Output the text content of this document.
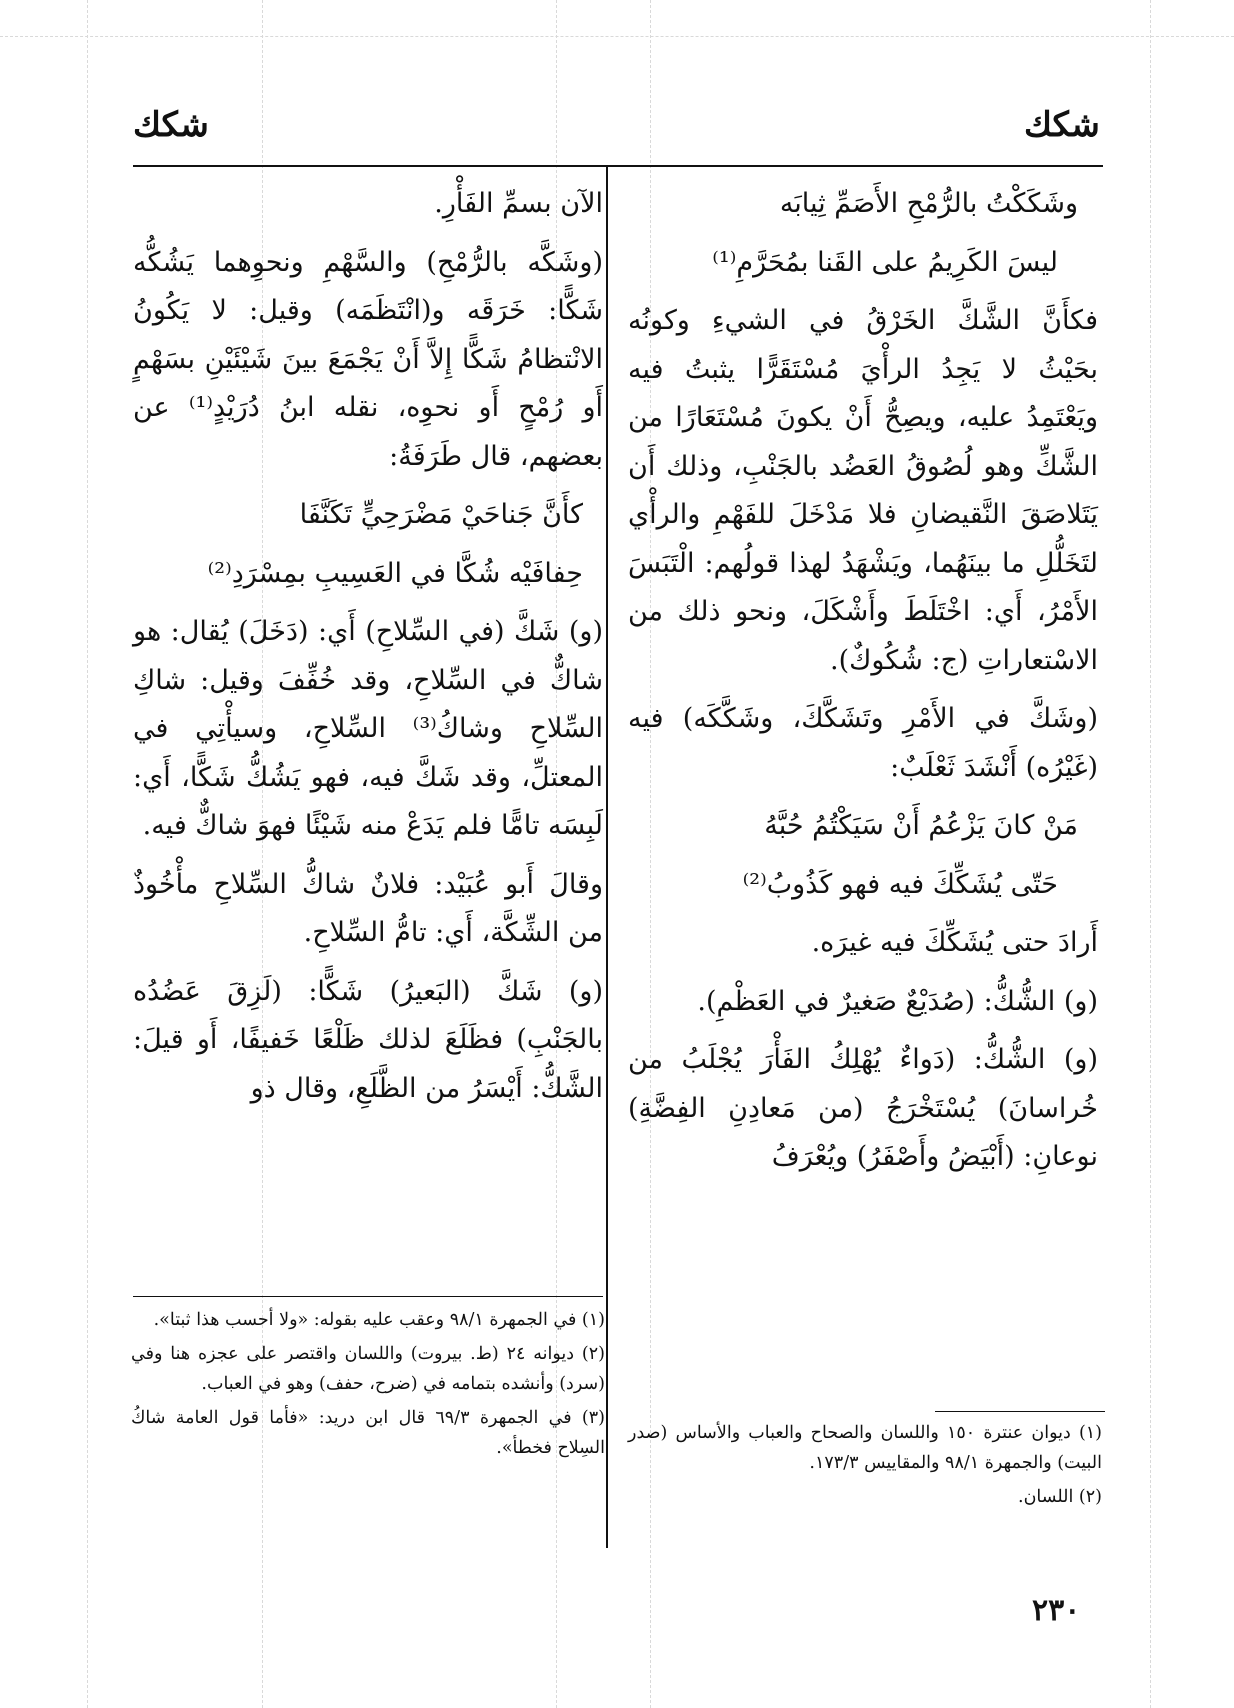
شكك	شكك

وشَكَكْتُ بالرُّمْحِ الأَصَمِّ ثِيابَه

ليسَ الكَرِيمُ على القَنا بمُحَرَّمِ⁽¹⁾

فكأَنَّ الشَّكَّ الخَرْقُ في الشيءِ وكونُه بحَيْثُ لا يَجِدُ الرأْيَ مُسْتَقَرًّا يثبتُ فيه ويَعْتَمِدُ عليه، ويصِحُّ أَنْ يكونَ مُسْتَعَارًا من الشَّكِّ وهو لُصُوقُ العَضُد بالجَنْبِ، وذلك أَن يَتَلاصَقَ النَّقيضانِ فلا مَدْخَلَ للفَهْمِ والرأْي لتَخَلُّلِ ما بينَهُما، ويَشْهَدُ لهذا قولُهم: الْتَبَسَ الأَمْرُ، أَي: اخْتَلَطَ وأَشْكَلَ، ونحو ذلك من الاسْتعاراتِ (ج: شُكُوكٌ).

(وشَكَّ في الأَمْرِ وتَشَكَّكَ، وشَكَّكَه) فيه (غَيْرُه) أَنْشَدَ ثَعْلَبٌ:

مَنْ كانَ يَزْعُمُ أَنْ سَيَكْتُمُ حُبَّهُ

حَتّى يُشَكِّكَ فيه فهو كَذُوبُ⁽²⁾

أَرادَ حتى يُشَكِّكَ فيه غيرَه.

(و) الشُّكُّ: (صُدَيْعٌ صَغيرٌ في العَظْمِ).

(و) الشُّكُّ: (دَواءٌ يُهْلِكُ الفَأْرَ يُجْلَبُ من خُراسانَ) يُسْتَخْرَجُ (من مَعادِنِ الفِضَّةِ) نوعانِ: (أَبْيَضُ وأَصْفَرُ) ويُعْرَفُ

الآن بسمِّ الفَأْرِ.

(وشَكَّه بالرُّمْحِ) والسَّهْمِ ونحوِهما يَشُكُّه شَكًّا: خَرَقَه و(انْتَظَمَه) وقيل: لا يَكُونُ الانْتظامُ شَكًّا إِلاَّ أَنْ يَجْمَعَ بينَ شَيْئَيْنِ بسَهْمٍ أَو رُمْحٍ أَو نحوِه، نقله ابنُ دُرَيْدٍ⁽¹⁾ عن بعضهم، قال طَرَفَةُ:

كأَنَّ جَناحَيْ مَضْرَحِيٍّ تَكَنَّفَا

حِفافَيْه شُكَّا في العَسِيبِ بمِسْرَدِ⁽²⁾

(و) شَكَّ (في السِّلاحِ) أَي: (دَخَلَ) يُقال: هو شاكٌّ في السِّلاحِ، وقد خُفِّفَ وقيل: شاكِ السِّلاحِ وشاكُ⁽³⁾ السِّلاحِ، وسيأْتِي في المعتلِّ، وقد شَكَّ فيه، فهو يَشُكُّ شَكًّا، أَي: لَبِسَه تامًّا فلم يَدَعْ منه شَيْئًا فهوَ شاكٌّ فيه.

وقالَ أَبو عُبَيْد: فلانٌ شاكُّ السِّلاحِ مأْخُوذٌ من الشِّكَّة، أَي: تامُّ السِّلاحِ.

(و) شَكَّ (البَعيرُ) شَكًّا: (لَزِقَ عَضُدُه بالجَنْبِ) فظَلَعَ لذلك ظَلْعًا خَفيفًا، أَو قيلَ: الشَّكُّ: أَيْسَرُ من الظَّلَعِ، وقال ذو

(١) في الجمهرة ٩٨/١ وعقب عليه بقوله: «ولا أحسب هذا ثبتا».
(٢) ديوانه ٢٤ (ط. بيروت) واللسان واقتصر على عجزه هنا وفي (سرد) وأنشده بتمامه في (ضرح، حفف) وهو في العباب.
(٣) في الجمهرة ٦٩/٣ قال ابن دريد: «فأما قول العامة شاكُ السِلاح فخطأ».
(١) ديوان عنترة ١٥٠ واللسان والصحاح والعباب والأساس (صدر البيت) والجمهرة ٩٨/١ والمقاييس ١٧٣/٣.
(٢) اللسان.
٢٣٠
